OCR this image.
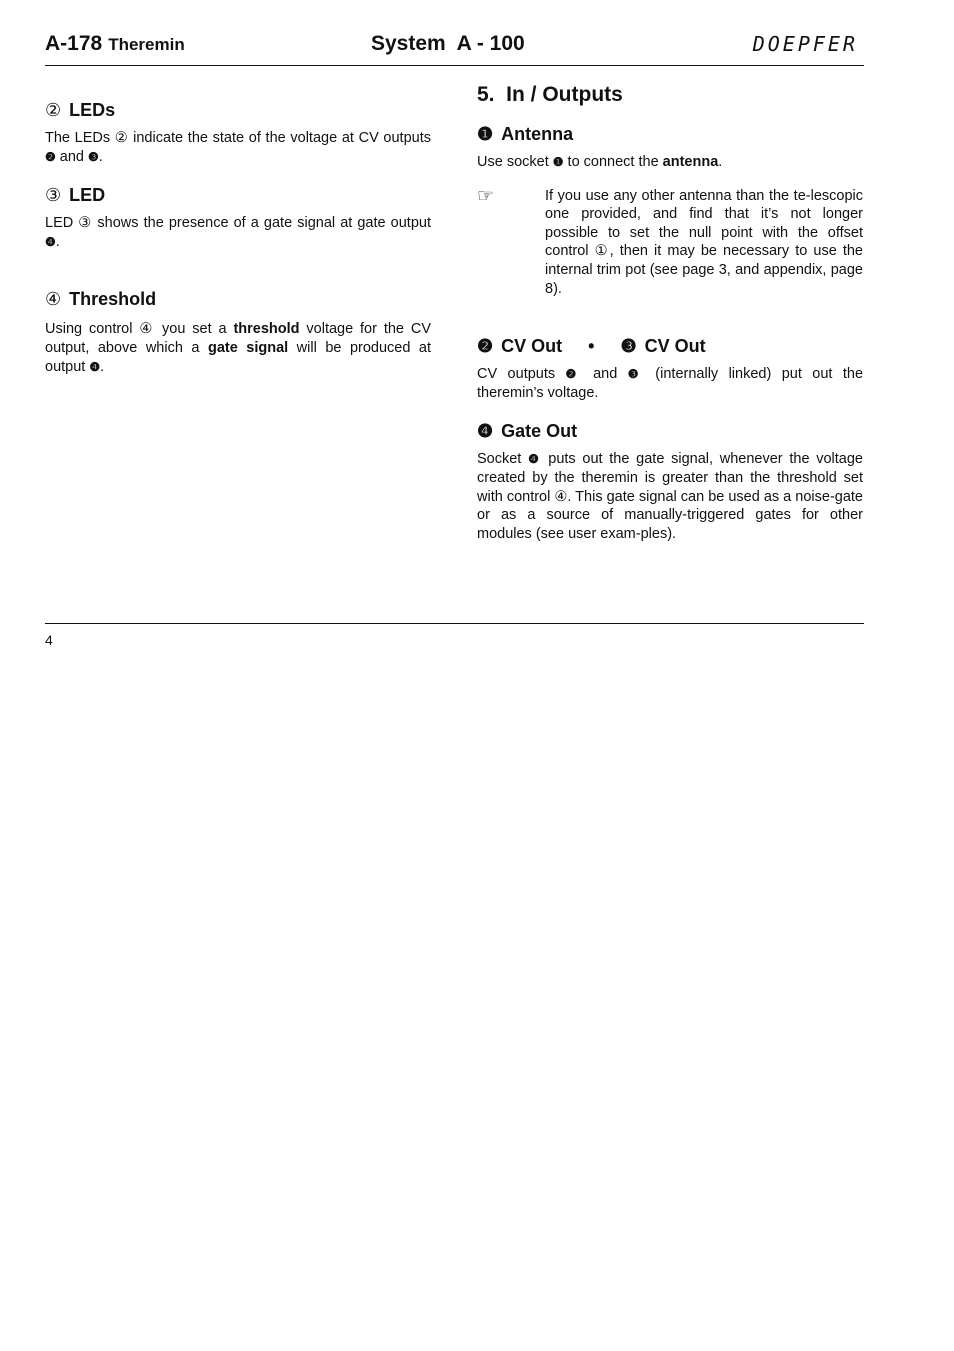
A-178 Theremin	System  A - 100	DOEPFER
② LEDs

The LEDs ② indicate the state of the voltage at CV outputs ❷ and ❸.

③ LED

LED ③ shows the presence of a gate signal at gate output ❹.

④ Threshold

Using control ④ you set a threshold voltage for the CV output, above which a gate signal will be produced at output ❹.

5.  In / Outputs
❶ Antenna

Use socket ❶ to connect the antenna.

☞	If you use any other antenna than the te-lescopic one provided, and find that it’s not longer possible to set the null point with the offset control ①, then it may be necessary to use the internal trim pot (see page 3, and appendix, page 8).

❷ CV Out • ❸ CV Out

CV outputs ❷ and ❸ (internally linked) put out the theremin’s voltage.

❹ Gate Out

Socket ❹ puts out the gate signal, whenever the voltage created by the theremin is greater than the threshold set with control ④. This gate signal can be used as a noise-gate or as a source of manually-triggered gates for other modules (see user exam-ples).

4
